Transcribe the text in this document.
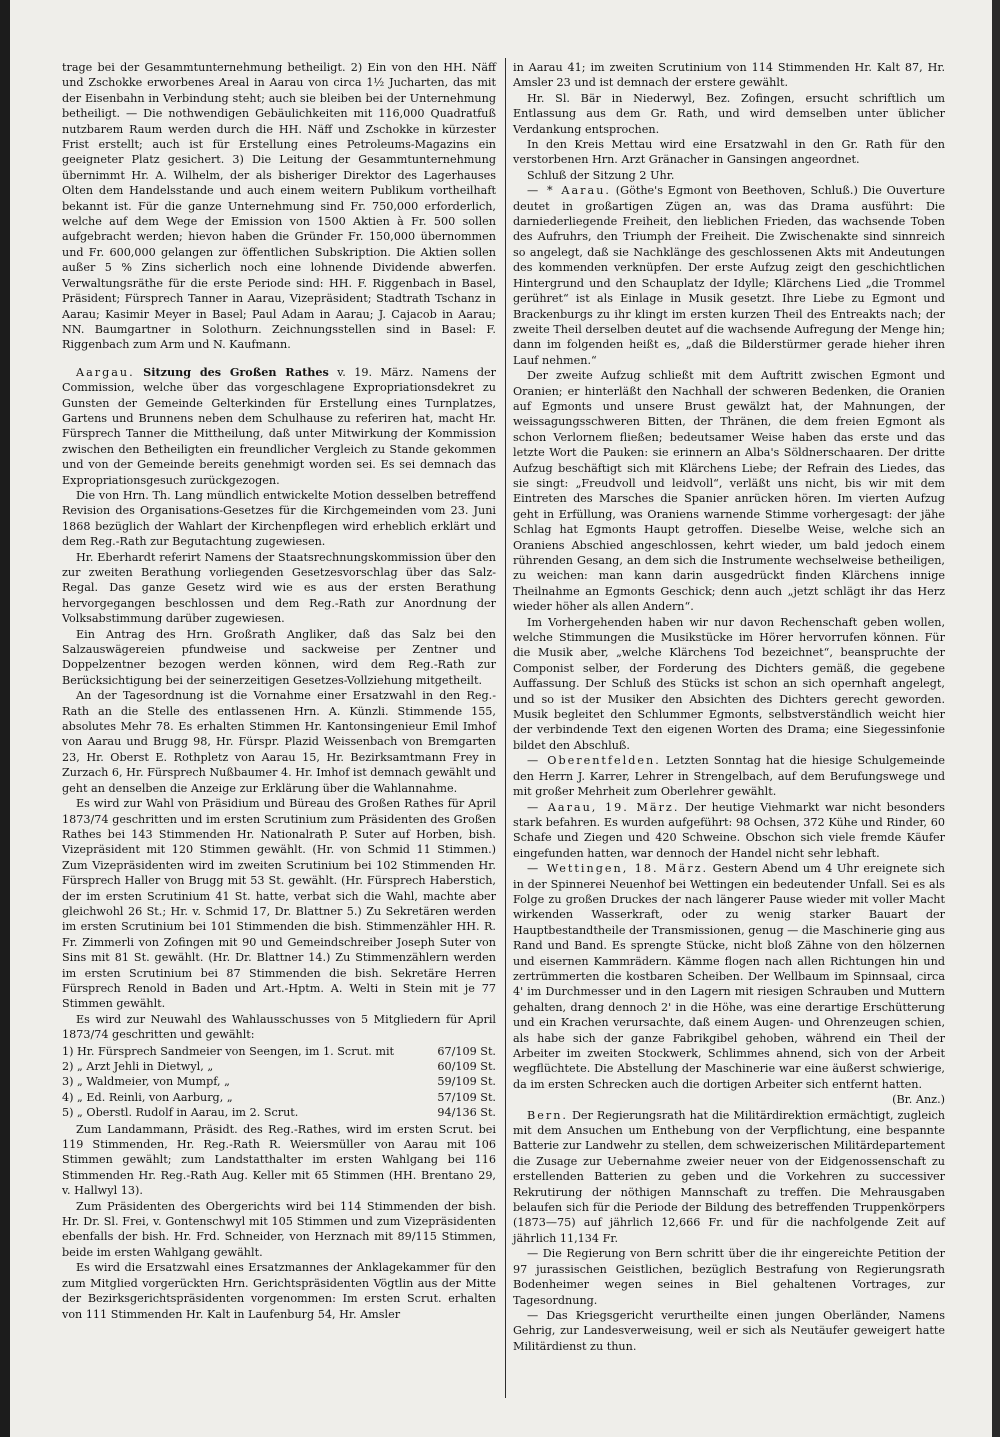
trage bei der Gesammtunternehmung betheiligt. 2) Ein von den HH. Näff und Zschokke erworbenes Areal in Aarau von circa 1½ Jucharten, das mit der Eisenbahn in Verbindung steht; auch sie bleiben bei der Unternehmung betheiligt. — Die nothwendigen Gebäulichkeiten mit 116,000 Quadratfuß nutzbarem Raum werden durch die HH. Näff und Zschokke in kürzester Frist erstellt; auch ist für Erstellung eines Petroleums-Magazins ein geeigneter Platz gesichert. 3) Die Leitung der Gesammtunternehmung übernimmt Hr. A. Wilhelm, der als bisheriger Direktor des Lagerhauses Olten dem Handelsstande und auch einem weitern Publikum vortheilhaft bekannt ist. Für die ganze Unternehmung sind Fr. 750,000 erforderlich, welche auf dem Wege der Emission von 1500 Aktien à Fr. 500 sollen aufgebracht werden; hievon haben die Gründer Fr. 150,000 übernommen und Fr. 600,000 gelangen zur öffentlichen Subskription. Die Aktien sollen außer 5 % Zins sicherlich noch eine lohnende Dividende abwerfen. Verwaltungsräthe für die erste Periode sind: HH. F. Riggenbach in Basel, Präsident; Fürsprech Tanner in Aarau, Vizepräsident; Stadtrath Tschanz in Aarau; Kasimir Meyer in Basel; Paul Adam in Aarau; J. Cajacob in Aarau; NN. Baumgartner in Solothurn. Zeichnungsstellen sind in Basel: F. Riggenbach zum Arm und N. Kaufmann.

Aargau. Sitzung des Großen Rathes v. 19. März. Namens der Commission, welche über das vorgeschlagene Expropriationsdekret zu Gunsten der Gemeinde Gelterkinden für Erstellung eines Turnplatzes, Gartens und Brunnens neben dem Schulhause zu referiren hat, macht Hr. Fürsprech Tanner die Mittheilung, daß unter Mitwirkung der Kommission zwischen den Betheiligten ein freundlicher Vergleich zu Stande gekommen und von der Gemeinde bereits genehmigt worden sei. Es sei demnach das Expropriationsgesuch zurückgezogen.

Die von Hrn. Th. Lang mündlich entwickelte Motion desselben betreffend Revision des Organisations-Gesetzes für die Kirchgemeinden vom 23. Juni 1868 bezüglich der Wahlart der Kirchenpflegen wird erheblich erklärt und dem Reg.-Rath zur Begutachtung zugewiesen.

Hr. Eberhardt referirt Namens der Staatsrechnungskommission über den zur zweiten Berathung vorliegenden Gesetzesvorschlag über das Salz-Regal. Das ganze Gesetz wird wie es aus der ersten Berathung hervorgegangen beschlossen und dem Reg.-Rath zur Anordnung der Volksabstimmung darüber zugewiesen.

Ein Antrag des Hrn. Großrath Angliker, daß das Salz bei den Salzauswägereien pfundweise und sackweise per Zentner und Doppelzentner bezogen werden können, wird dem Reg.-Rath zur Berücksichtigung bei der seinerzeitigen Gesetzes-Vollziehung mitgetheilt.

An der Tagesordnung ist die Vornahme einer Ersatzwahl in den Reg.-Rath an die Stelle des entlassenen Hrn. A. Künzli. Stimmende 155, absolutes Mehr 78. Es erhalten Stimmen Hr. Kantonsingenieur Emil Imhof von Aarau und Brugg 98, Hr. Fürspr. Plazid Weissenbach von Bremgarten 23, Hr. Oberst E. Rothpletz von Aarau 15, Hr. Bezirksamtmann Frey in Zurzach 6, Hr. Fürsprech Nußbaumer 4. Hr. Imhof ist demnach gewählt und geht an denselben die Anzeige zur Erklärung über die Wahlannahme.

Es wird zur Wahl von Präsidium und Büreau des Großen Rathes für April 1873/74 geschritten und im ersten Scrutinium zum Präsidenten des Großen Rathes bei 143 Stimmenden Hr. Nationalrath P. Suter auf Horben, bish. Vizepräsident mit 120 Stimmen gewählt. (Hr. von Schmid 11 Stimmen.) Zum Vizepräsidenten wird im zweiten Scrutinium bei 102 Stimmenden Hr. Fürsprech Haller von Brugg mit 53 St. gewählt. (Hr. Fürsprech Haberstich, der im ersten Scrutinium 41 St. hatte, verbat sich die Wahl, machte aber gleichwohl 26 St.; Hr. v. Schmid 17, Dr. Blattner 5.) Zu Sekretären werden im ersten Scrutinium bei 101 Stimmenden die bish. Stimmenzähler HH. R. Fr. Zimmerli von Zofingen mit 90 und Gemeindschreiber Joseph Suter von Sins mit 81 St. gewählt. (Hr. Dr. Blattner 14.) Zu Stimmenzählern werden im ersten Scrutinium bei 87 Stimmenden die bish. Sekretäre Herren Fürsprech Renold in Baden und Art.-Hptm. A. Welti in Stein mit je 77 Stimmen gewählt.

Es wird zur Neuwahl des Wahlausschusses von 5 Mitgliedern für April 1873/74 geschritten und gewählt:

1) Hr. Fürsprech Sandmeier von Seengen, im 1. Scrut. mit	67/109 St.
2) „ Arzt Jehli in Dietwyl, „	60/109 St.
3) „ Waldmeier, von Mumpf, „	59/109 St.
4) „ Ed. Reinli, von Aarburg, „	57/109 St.
5) „ Oberstl. Rudolf in Aarau, im 2. Scrut.	94/136 St.

Zum Landammann, Präsidt. des Reg.-Rathes, wird im ersten Scrut. bei 119 Stimmenden, Hr. Reg.-Rath R. Weiersmüller von Aarau mit 106 Stimmen gewählt; zum Landstatthalter im ersten Wahlgang bei 116 Stimmenden Hr. Reg.-Rath Aug. Keller mit 65 Stimmen (HH. Brentano 29, v. Hallwyl 13).

Zum Präsidenten des Obergerichts wird bei 114 Stimmenden der bish. Hr. Dr. Sl. Frei, v. Gontenschwyl mit 105 Stimmen und zum Vizepräsidenten ebenfalls der bish. Hr. Frd. Schneider, von Herznach mit 89/115 Stimmen, beide im ersten Wahlgang gewählt.

Es wird die Ersatzwahl eines Ersatzmannes der Anklagekammer für den zum Mitglied vorgerückten Hrn. Gerichtspräsidenten Vögtlin aus der Mitte der Bezirksgerichtspräsidenten vorgenommen: Im ersten Scrut. erhalten von 111 Stimmenden Hr. Kalt in Laufenburg 54, Hr. Amsler

in Aarau 41; im zweiten Scrutinium von 114 Stimmenden Hr. Kalt 87, Hr. Amsler 23 und ist demnach der erstere gewählt.

Hr. Sl. Bär in Niederwyl, Bez. Zofingen, ersucht schriftlich um Entlassung aus dem Gr. Rath, und wird demselben unter üblicher Verdankung entsprochen.

In den Kreis Mettau wird eine Ersatzwahl in den Gr. Rath für den verstorbenen Hrn. Arzt Gränacher in Gansingen angeordnet.

Schluß der Sitzung 2 Uhr.

— * Aarau. (Göthe's Egmont von Beethoven, Schluß.) Die Ouverture deutet in großartigen Zügen an, was das Drama ausführt: Die darniederliegende Freiheit, den lieblichen Frieden, das wachsende Toben des Aufruhrs, den Triumph der Freiheit. Die Zwischenakte sind sinnreich so angelegt, daß sie Nachklänge des geschlossenen Akts mit Andeutungen des kommenden verknüpfen. Der erste Aufzug zeigt den geschichtlichen Hintergrund und den Schauplatz der Idylle; Klärchens Lied „die Trommel gerühret“ ist als Einlage in Musik gesetzt. Ihre Liebe zu Egmont und Brackenburgs zu ihr klingt im ersten kurzen Theil des Entreakts nach; der zweite Theil derselben deutet auf die wachsende Aufregung der Menge hin; dann im folgenden heißt es, „daß die Bilderstürmer gerade hieher ihren Lauf nehmen.“

Der zweite Aufzug schließt mit dem Auftritt zwischen Egmont und Oranien; er hinterläßt den Nachhall der schweren Bedenken, die Oranien auf Egmonts und unsere Brust gewälzt hat, der Mahnungen, der weissagungsschweren Bitten, der Thränen, die dem freien Egmont als schon Verlornem fließen; bedeutsamer Weise haben das erste und das letzte Wort die Pauken: sie erinnern an Alba's Söldnerschaaren. Der dritte Aufzug beschäftigt sich mit Klärchens Liebe; der Refrain des Liedes, das sie singt: „Freudvoll und leidvoll“, verläßt uns nicht, bis wir mit dem Eintreten des Marsches die Spanier anrücken hören. Im vierten Aufzug geht in Erfüllung, was Oraniens warnende Stimme vorhergesagt: der jähe Schlag hat Egmonts Haupt getroffen. Dieselbe Weise, welche sich an Oraniens Abschied angeschlossen, kehrt wieder, um bald jedoch einem rührenden Gesang, an dem sich die Instrumente wechselweise betheiligen, zu weichen: man kann darin ausgedrückt finden Klärchens innige Theilnahme an Egmonts Geschick; denn auch „jetzt schlägt ihr das Herz wieder höher als allen Andern“.

Im Vorhergehenden haben wir nur davon Rechenschaft geben wollen, welche Stimmungen die Musikstücke im Hörer hervorrufen können. Für die Musik aber, „welche Klärchens Tod bezeichnet“, beanspruchte der Componist selber, der Forderung des Dichters gemäß, die gegebene Auffassung. Der Schluß des Stücks ist schon an sich opernhaft angelegt, und so ist der Musiker den Absichten des Dichters gerecht geworden. Musik begleitet den Schlummer Egmonts, selbstverständlich weicht hier der verbindende Text den eigenen Worten des Drama; eine Siegessinfonie bildet den Abschluß.

— Oberentfelden. Letzten Sonntag hat die hiesige Schulgemeinde den Herrn J. Karrer, Lehrer in Strengelbach, auf dem Berufungswege und mit großer Mehrheit zum Oberlehrer gewählt.

— Aarau, 19. März. Der heutige Viehmarkt war nicht besonders stark befahren. Es wurden aufgeführt: 98 Ochsen, 372 Kühe und Rinder, 60 Schafe und Ziegen und 420 Schweine. Obschon sich viele fremde Käufer eingefunden hatten, war dennoch der Handel nicht sehr lebhaft.

— Wettingen, 18. März. Gestern Abend um 4 Uhr ereignete sich in der Spinnerei Neuenhof bei Wettingen ein bedeutender Unfall. Sei es als Folge zu großen Druckes der nach längerer Pause wieder mit voller Macht wirkenden Wasserkraft, oder zu wenig starker Bauart der Hauptbestandtheile der Transmissionen, genug — die Maschinerie ging aus Rand und Band. Es sprengte Stücke, nicht bloß Zähne von den hölzernen und eisernen Kammrädern. Kämme flogen nach allen Richtungen hin und zertrümmerten die kostbaren Scheiben. Der Wellbaum im Spinnsaal, circa 4' im Durchmesser und in den Lagern mit riesigen Schrauben und Muttern gehalten, drang dennoch 2' in die Höhe, was eine derartige Erschütterung und ein Krachen verursachte, daß einem Augen- und Ohrenzeugen schien, als habe sich der ganze Fabrikgibel gehoben, während ein Theil der Arbeiter im zweiten Stockwerk, Schlimmes ahnend, sich von der Arbeit wegflüchtete. Die Abstellung der Maschinerie war eine äußerst schwierige, da im ersten Schrecken auch die dortigen Arbeiter sich entfernt hatten.

(Br. Anz.)

Bern. Der Regierungsrath hat die Militärdirektion ermächtigt, zugleich mit dem Ansuchen um Enthebung von der Verpflichtung, eine bespannte Batterie zur Landwehr zu stellen, dem schweizerischen Militärdepartement die Zusage zur Uebernahme zweier neuer von der Eidgenossenschaft zu erstellenden Batterien zu geben und die Vorkehren zu successiver Rekrutirung der nöthigen Mannschaft zu treffen. Die Mehrausgaben belaufen sich für die Periode der Bildung des betreffenden Truppenkörpers (1873—75) auf jährlich 12,666 Fr. und für die nachfolgende Zeit auf jährlich 11,134 Fr.

— Die Regierung von Bern schritt über die ihr eingereichte Petition der 97 jurassischen Geistlichen, bezüglich Bestrafung von Regierungsrath Bodenheimer wegen seines in Biel gehaltenen Vortrages, zur Tagesordnung.

— Das Kriegsgericht verurtheilte einen jungen Oberländer, Namens Gehrig, zur Landesverweisung, weil er sich als Neutäufer geweigert hatte Militärdienst zu thun.
